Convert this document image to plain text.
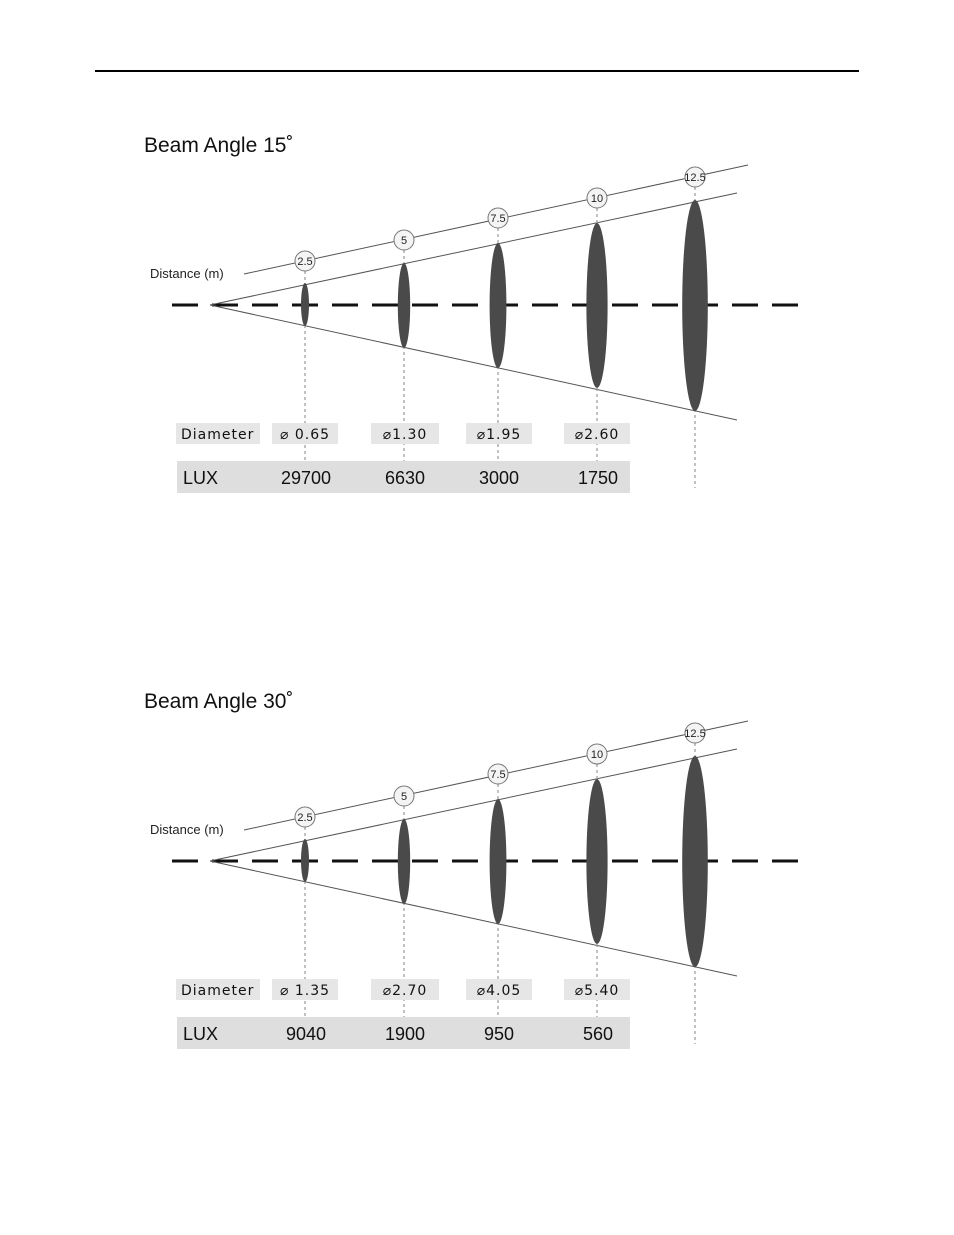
Beam Angle 15˚
Distance (m)
2.5
5
7.5
10
12.5
Diameter ⌀ 0.65	⌀1.30	⌀1.95	⌀2.60
LUX	29700	6630	3000	1750
Beam Angle 30˚
Distance (m)
2.5
5
7.5
10
12.5
Diameter ⌀ 1.35	⌀2.70	⌀4.05	⌀5.40
LUX	9040	1900	950	560
